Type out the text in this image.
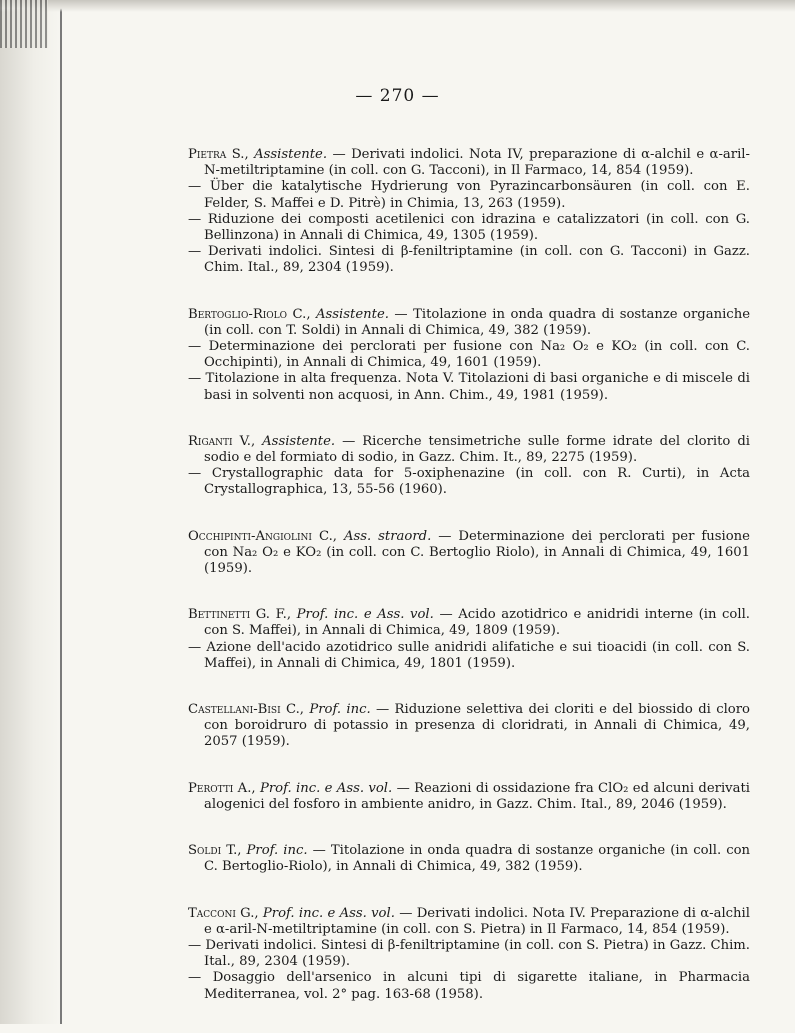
— 270 —

Pietra S., Assistente. — Derivati indolici. Nota IV, preparazione di α-alchil e α-aril-N-metiltriptamine (in coll. con G. Tacconi), in Il Farmaco, 14, 854 (1959).

— Über die katalytische Hydrierung von Pyrazincarbonsäuren (in coll. con E. Felder, S. Maffei e D. Pitrè) in Chimia, 13, 263 (1959).

— Riduzione dei composti acetilenici con idrazina e catalizzatori (in coll. con G. Bellinzona) in Annali di Chimica, 49, 1305 (1959).

— Derivati indolici. Sintesi di β-feniltriptamine (in coll. con G. Tacconi) in Gazz. Chim. Ital., 89, 2304 (1959).

Bertoglio-Riolo C., Assistente. — Titolazione in onda quadra di sostanze organiche (in coll. con T. Soldi) in Annali di Chimica, 49, 382 (1959).

— Determinazione dei perclorati per fusione con Na₂ O₂ e KO₂ (in coll. con C. Occhipinti), in Annali di Chimica, 49, 1601 (1959).

— Titolazione in alta frequenza. Nota V. Titolazioni di basi organiche e di miscele di basi in solventi non acquosi, in Ann. Chim., 49, 1981 (1959).

Riganti V., Assistente. — Ricerche tensimetriche sulle forme idrate del clorito di sodio e del formiato di sodio, in Gazz. Chim. It., 89, 2275 (1959).

— Crystallographic data for 5-oxiphenazine (in coll. con R. Curti), in Acta Crystallographica, 13, 55-56 (1960).

Occhipinti-Angiolini C., Ass. straord. — Determinazione dei perclorati per fusione con Na₂ O₂ e KO₂ (in coll. con C. Bertoglio Riolo), in Annali di Chimica, 49, 1601 (1959).

Bettinetti G. F., Prof. inc. e Ass. vol. — Acido azotidrico e anidridi interne (in coll. con S. Maffei), in Annali di Chimica, 49, 1809 (1959).

— Azione dell'acido azotidrico sulle anidridi alifatiche e sui tioacidi (in coll. con S. Maffei), in Annali di Chimica, 49, 1801 (1959).

Castellani-Bisi C., Prof. inc. — Riduzione selettiva dei cloriti e del biossido di cloro con boroidruro di potassio in presenza di cloridrati, in Annali di Chimica, 49, 2057 (1959).

Perotti A., Prof. inc. e Ass. vol. — Reazioni di ossidazione fra ClO₂ ed alcuni derivati alogenici del fosforo in ambiente anidro, in Gazz. Chim. Ital., 89, 2046 (1959).

Soldi T., Prof. inc. — Titolazione in onda quadra di sostanze organiche (in coll. con C. Bertoglio-Riolo), in Annali di Chimica, 49, 382 (1959).

Tacconi G., Prof. inc. e Ass. vol. — Derivati indolici. Nota IV. Preparazione di α-alchil e α-aril-N-metiltriptamine (in coll. con S. Pietra) in Il Farmaco, 14, 854 (1959).

— Derivati indolici. Sintesi di β-feniltriptamine (in coll. con S. Pietra) in Gazz. Chim. Ital., 89, 2304 (1959).

— Dosaggio dell'arsenico in alcuni tipi di sigarette italiane, in Pharmacia Mediterranea, vol. 2° pag. 163-68 (1958).
